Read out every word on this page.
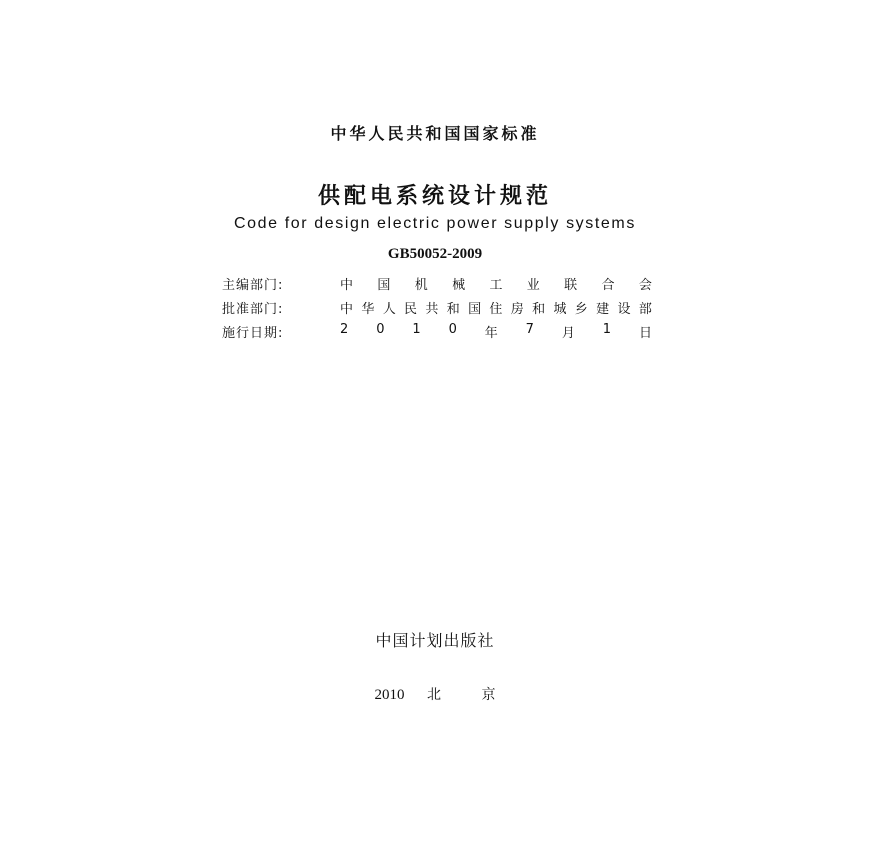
中华人民共和国国家标准
供配电系统设计规范
Code for design electric power supply systems
GB50052-2009
主编部门:	中 国 机 械 工 业 联 合 会
批准部门:	中 华 人 民 共 和 国 住 房 和 城 乡 建 设 部
施行日期:	2 0 1 0 年 7 月 1 日
中国计划出版社
2010 北	京
